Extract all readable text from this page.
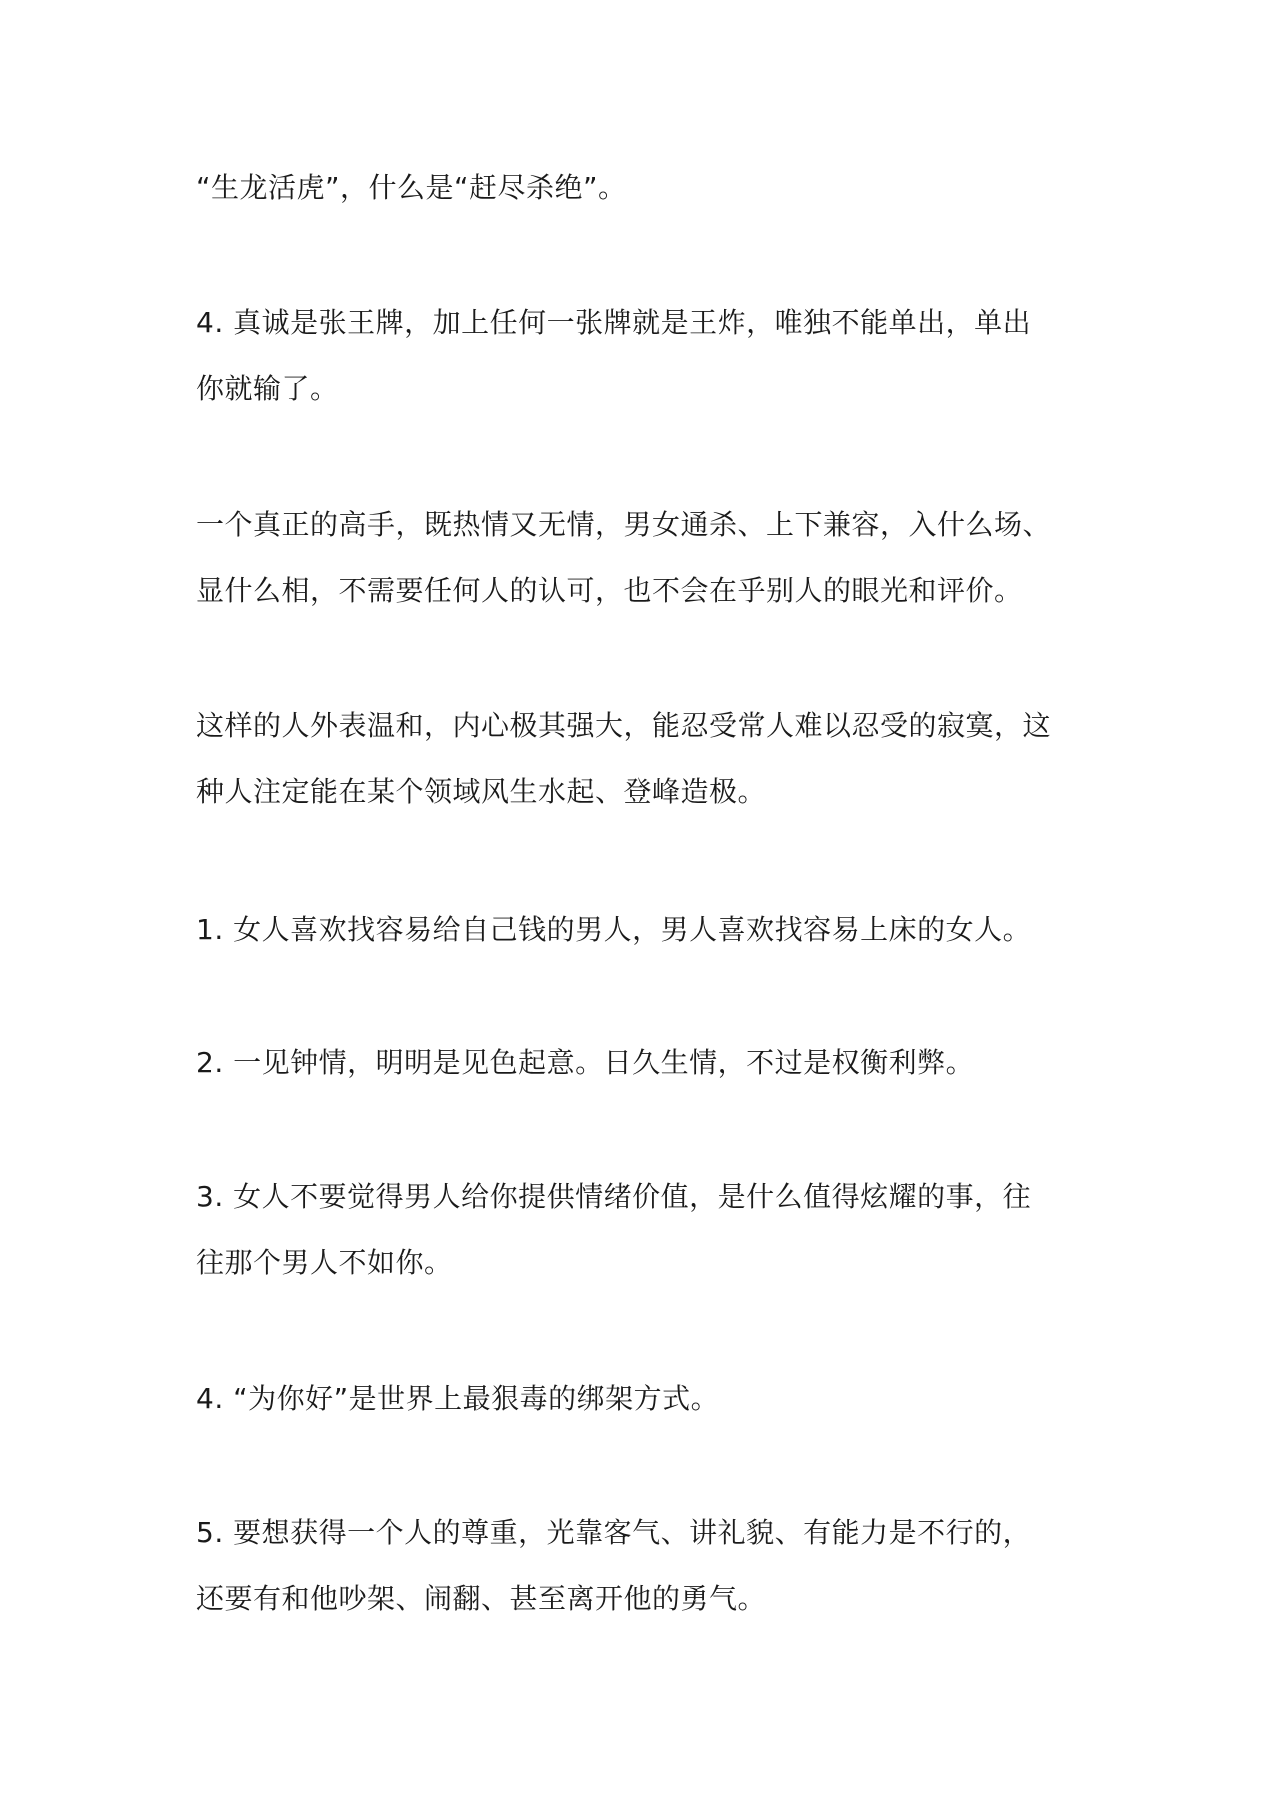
“生龙活虎”，什么是“赶尽杀绝”。

4. 真诚是张王牌，加上任何一张牌就是王炸，唯独不能单出，单出
你就输了。

一个真正的高手，既热情又无情，男女通杀、上下兼容，入什么场、
显什么相，不需要任何人的认可，也不会在乎别人的眼光和评价。

这样的人外表温和，内心极其强大，能忍受常人难以忍受的寂寞，这
种人注定能在某个领域风生水起、登峰造极。

1. 女人喜欢找容易给自己钱的男人，男人喜欢找容易上床的女人。

2. 一见钟情，明明是见色起意。日久生情，不过是权衡利弊。

3. 女人不要觉得男人给你提供情绪价值，是什么值得炫耀的事，往
往那个男人不如你。

4. “为你好”是世界上最狠毒的绑架方式。

5. 要想获得一个人的尊重，光靠客气、讲礼貌、有能力是不行的，
还要有和他吵架、闹翻、甚至离开他的勇气。
